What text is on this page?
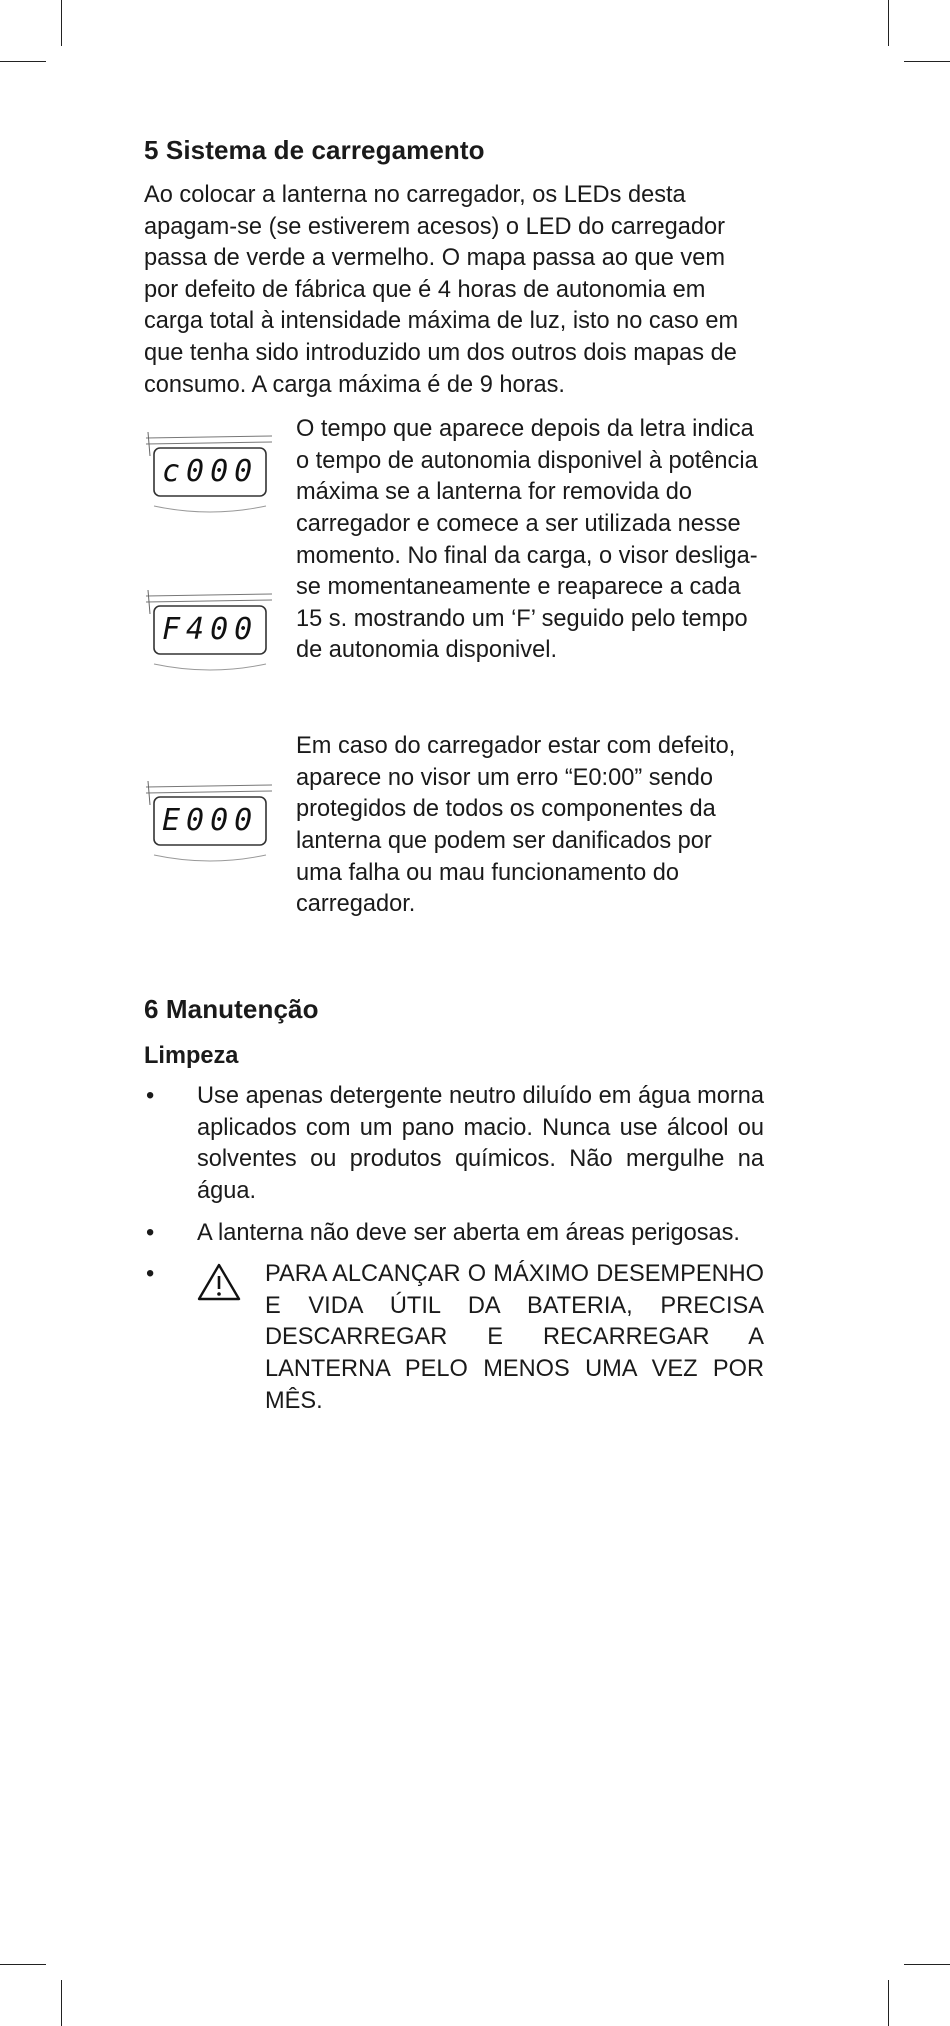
5 Sistema de carregamento

Ao colocar a lanterna no carregador, os LEDs desta apagam-se (se estiverem acesos) o LED do carregador passa de verde a vermelho. O mapa passa ao que vem por defeito de fábrica que é 4 horas de autonomia em carga total à intensidade máxima de luz, isto no caso em que tenha sido introduzido um dos outros dois mapas de consumo. A carga máxima é de 9 horas.

c000
F400
O tempo que aparece depois da letra indica o tempo de autonomia disponivel à potência máxima se a lanterna for removida do carregador e comece a ser utilizada nesse momento. No final da carga, o visor desliga-se momentaneamente e reaparece a cada 15 s. mostrando um ‘F’ seguido pelo tempo de autonomia disponivel.
E000
Em caso do carregador estar com defeito, aparece no visor um erro “E0:00” sendo protegidos de todos os componentes da lanterna que podem ser danificados por uma falha ou mau funcionamento do carregador.
6 Manutenção
Limpeza
• Use apenas detergente neutro diluído em água morna aplicados com um pano macio. Nunca use álcool ou solventes ou produtos químicos. Não mergulhe na água.
• A lanterna não deve ser aberta em áreas perigosas.
•	PARA ALCANÇAR O MÁXIMO DESEMPENHO E VIDA ÚTIL DA BATERIA, PRECISA DESCARREGAR E RECARREGAR A LANTERNA PELO MENOS UMA VEZ POR MÊS.
